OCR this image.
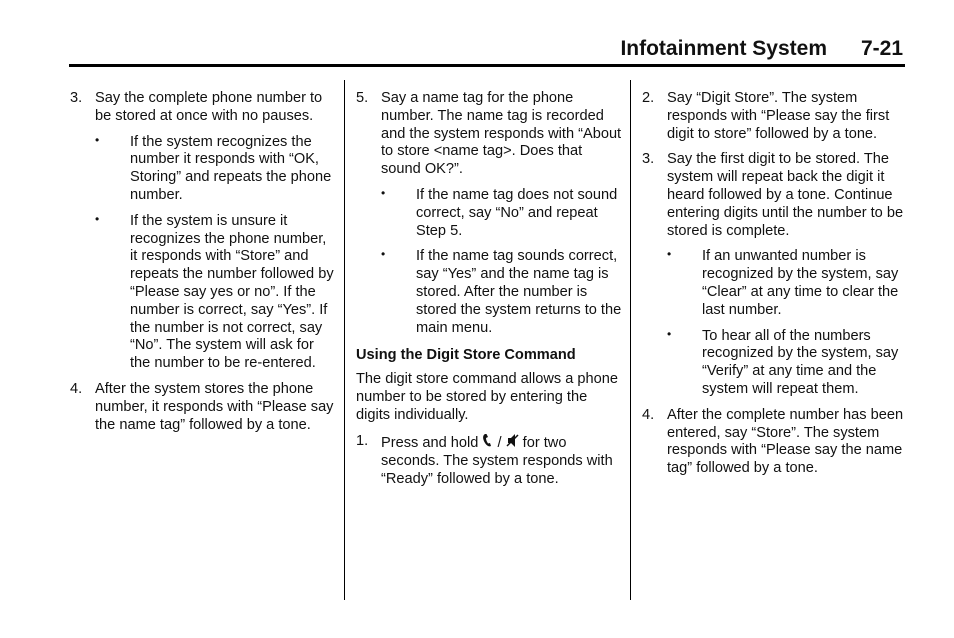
Infotainment System 7-21
3. Say the complete phone number to be stored at once with no pauses.
• If the system recognizes the number it responds with “OK, Storing” and repeats the phone number.
• If the system is unsure it recognizes the phone number, it responds with “Store” and repeats the number followed by “Please say yes or no”. If the number is correct, say “Yes”. If the number is not correct, say “No”. The system will ask for the number to be re-entered.
4. After the system stores the phone number, it responds with “Please say the name tag” followed by a tone.
5. Say a name tag for the phone number. The name tag is recorded and the system responds with “About to store <name tag>. Does that sound OK?”.
• If the name tag does not sound correct, say “No” and repeat Step 5.
• If the name tag sounds correct, say “Yes” and the name tag is stored. After the number is stored the system returns to the main menu.
Using the Digit Store Command
The digit store command allows a phone number to be stored by entering the digits individually.
1. Press and hold / for two seconds. The system responds with “Ready” followed by a tone.
2. Say “Digit Store”. The system responds with “Please say the first digit to store” followed by a tone.
3. Say the first digit to be stored. The system will repeat back the digit it heard followed by a tone. Continue entering digits until the number to be stored is complete.
• If an unwanted number is recognized by the system, say “Clear” at any time to clear the last number.
• To hear all of the numbers recognized by the system, say “Verify” at any time and the system will repeat them.
4. After the complete number has been entered, say “Store”. The system responds with “Please say the name tag” followed by a tone.
